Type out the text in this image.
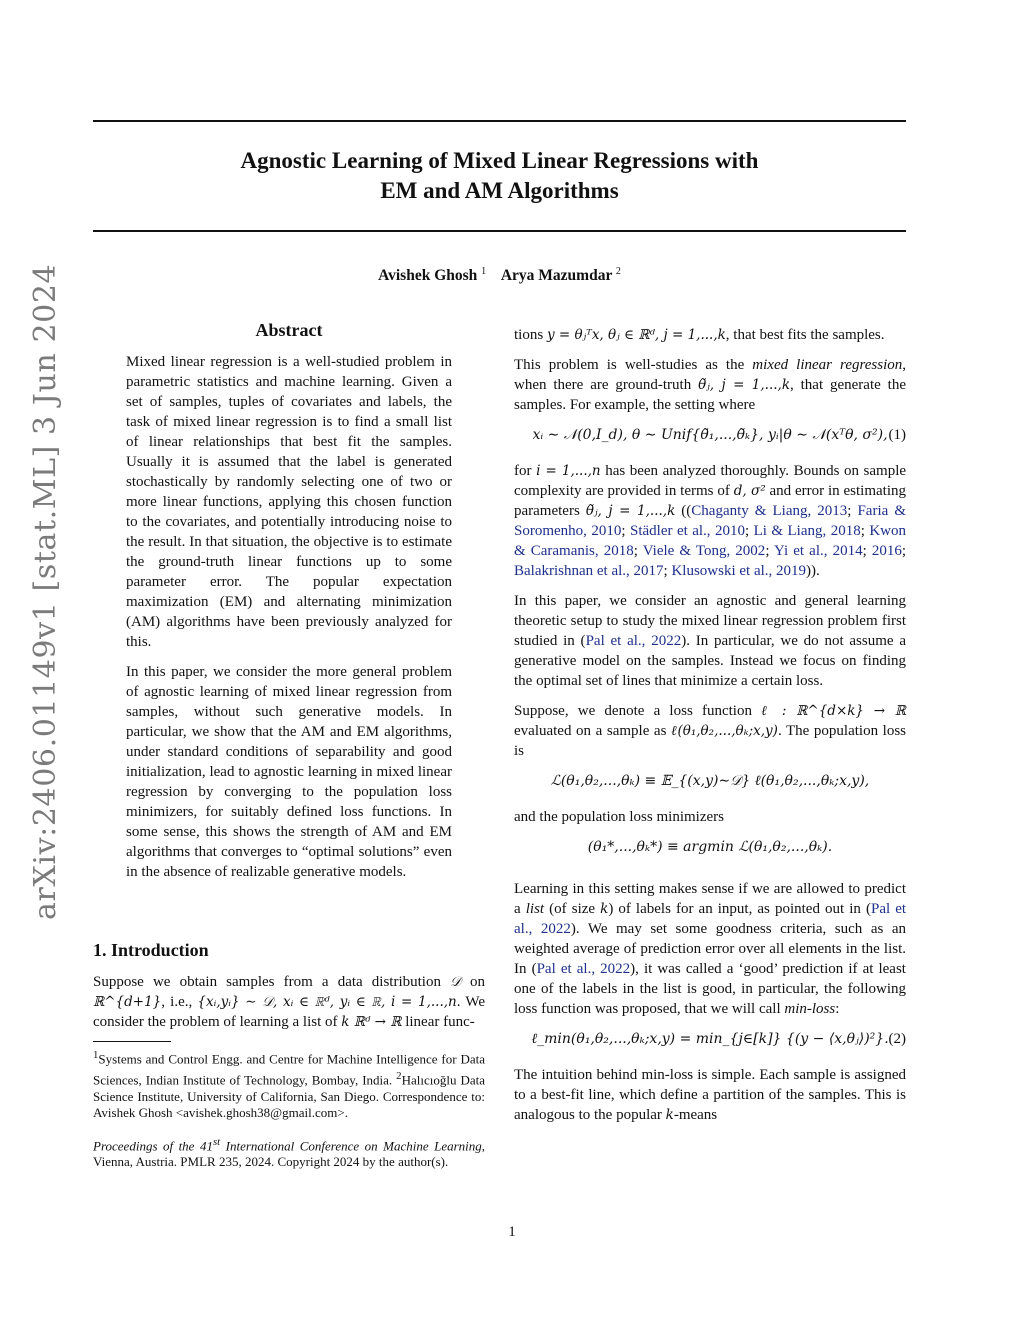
Agnostic Learning of Mixed Linear Regressions with
EM and AM Algorithms
Avishek Ghosh $^1$ Arya Mazumdar $^2$
arXiv:2406.01149v1 [stat.ML] 3 Jun 2024	Abstract

Mixed linear regression is a well-studied problem in parametric statistics and machine learning. Given a set of samples, tuples of covariates and labels, the task of mixed linear regression is to find a small list of linear relationships that best fit the samples. Usually it is assumed that the label is generated stochastically by randomly selecting one of two or more linear functions, applying this chosen function to the covariates, and potentially introducing noise to the result. In that situation, the objective is to estimate the ground-truth linear functions up to some parameter error. The popular expectation maximization (EM) and alternating minimization (AM) algorithms have been previously analyzed for this.

In this paper, we consider the more general problem of agnostic learning of mixed linear regression from samples, without such generative models. In particular, we show that the AM and EM algorithms, under standard conditions of separability and good initialization, lead to agnostic learning in mixed linear regression by converging to the population loss minimizers, for suitably defined loss functions. In some sense, this shows the strength of AM and EM algorithms that converges to “optimal solutions” even in the absence of realizable generative models.

1. Introduction

Suppose we obtain samples from a data distribution 𝒟 on ℝ^{d+1}, i.e., {xᵢ,yᵢ} ∼ 𝒟, xᵢ ∈ ℝᵈ, yᵢ ∈ ℝ, i = 1,...,n. We consider the problem of learning a list of k ℝᵈ → ℝ linear func-

$^1$Systems and Control Engg. and Centre for Machine Intelligence for Data Sciences, Indian Institute of Technology, Bombay, India. $^2$Halıcıoğlu Data Science Institute, University of California, San Diego. Correspondence to: Avishek Ghosh <avishek.ghosh38@gmail.com>.
Proceedings of the 41st International Conference on Machine Learning, Vienna, Austria. PMLR 235, 2024. Copyright 2024 by the author(s).

tions y = θⱼᵀx, θⱼ ∈ ℝᵈ, j = 1,...,k, that best fits the samples.

This problem is well-studies as the mixed linear regression, when there are ground-truth θ̃ⱼ, j = 1,...,k, that generate the samples. For example, the setting where

xᵢ ∼ 𝒩(0,I_d), θ ∼ Unif{θ̃₁,...,θ̃ₖ}, yᵢ|θ ∼ 𝒩(xᵀθ, σ²), (1)

for i = 1,...,n has been analyzed thoroughly. Bounds on sample complexity are provided in terms of d, σ² and error in estimating parameters θ̃ⱼ, j = 1,...,k ((Chaganty & Liang, 2013; Faria & Soromenho, 2010; Städler et al., 2010; Li & Liang, 2018; Kwon & Caramanis, 2018; Viele & Tong, 2002; Yi et al., 2014; 2016; Balakrishnan et al., 2017; Klusowski et al., 2019)).

In this paper, we consider an agnostic and general learning theoretic setup to study the mixed linear regression problem first studied in (Pal et al., 2022). In particular, we do not assume a generative model on the samples. Instead we focus on finding the optimal set of lines that minimize a certain loss.

Suppose, we denote a loss function ℓ : ℝ^{d×k} → ℝ evaluated on a sample as ℓ(θ₁,θ₂,...,θₖ;x,y). The population loss is

ℒ(θ₁,θ₂,...,θₖ) ≡ 𝔼_{(x,y)∼𝒟} ℓ(θ₁,θ₂,...,θₖ;x,y),

and the population loss minimizers

(θ₁*,...,θₖ*) ≡ argmin ℒ(θ₁,θ₂,...,θₖ).

Learning in this setting makes sense if we are allowed to predict a list (of size k) of labels for an input, as pointed out in (Pal et al., 2022). We may set some goodness criteria, such as an weighted average of prediction error over all elements in the list. In (Pal et al., 2022), it was called a ‘good’ prediction if at least one of the labels in the list is good, in particular, the following loss function was proposed, that we will call min-loss:

ℓ_min(θ₁,θ₂,...,θₖ;x,y) = min_{j∈[k]} {(y − ⟨x,θⱼ⟩)²}. (2)

The intuition behind min-loss is simple. Each sample is assigned to a best-fit line, which define a partition of the samples. This is analogous to the popular k-means

1
